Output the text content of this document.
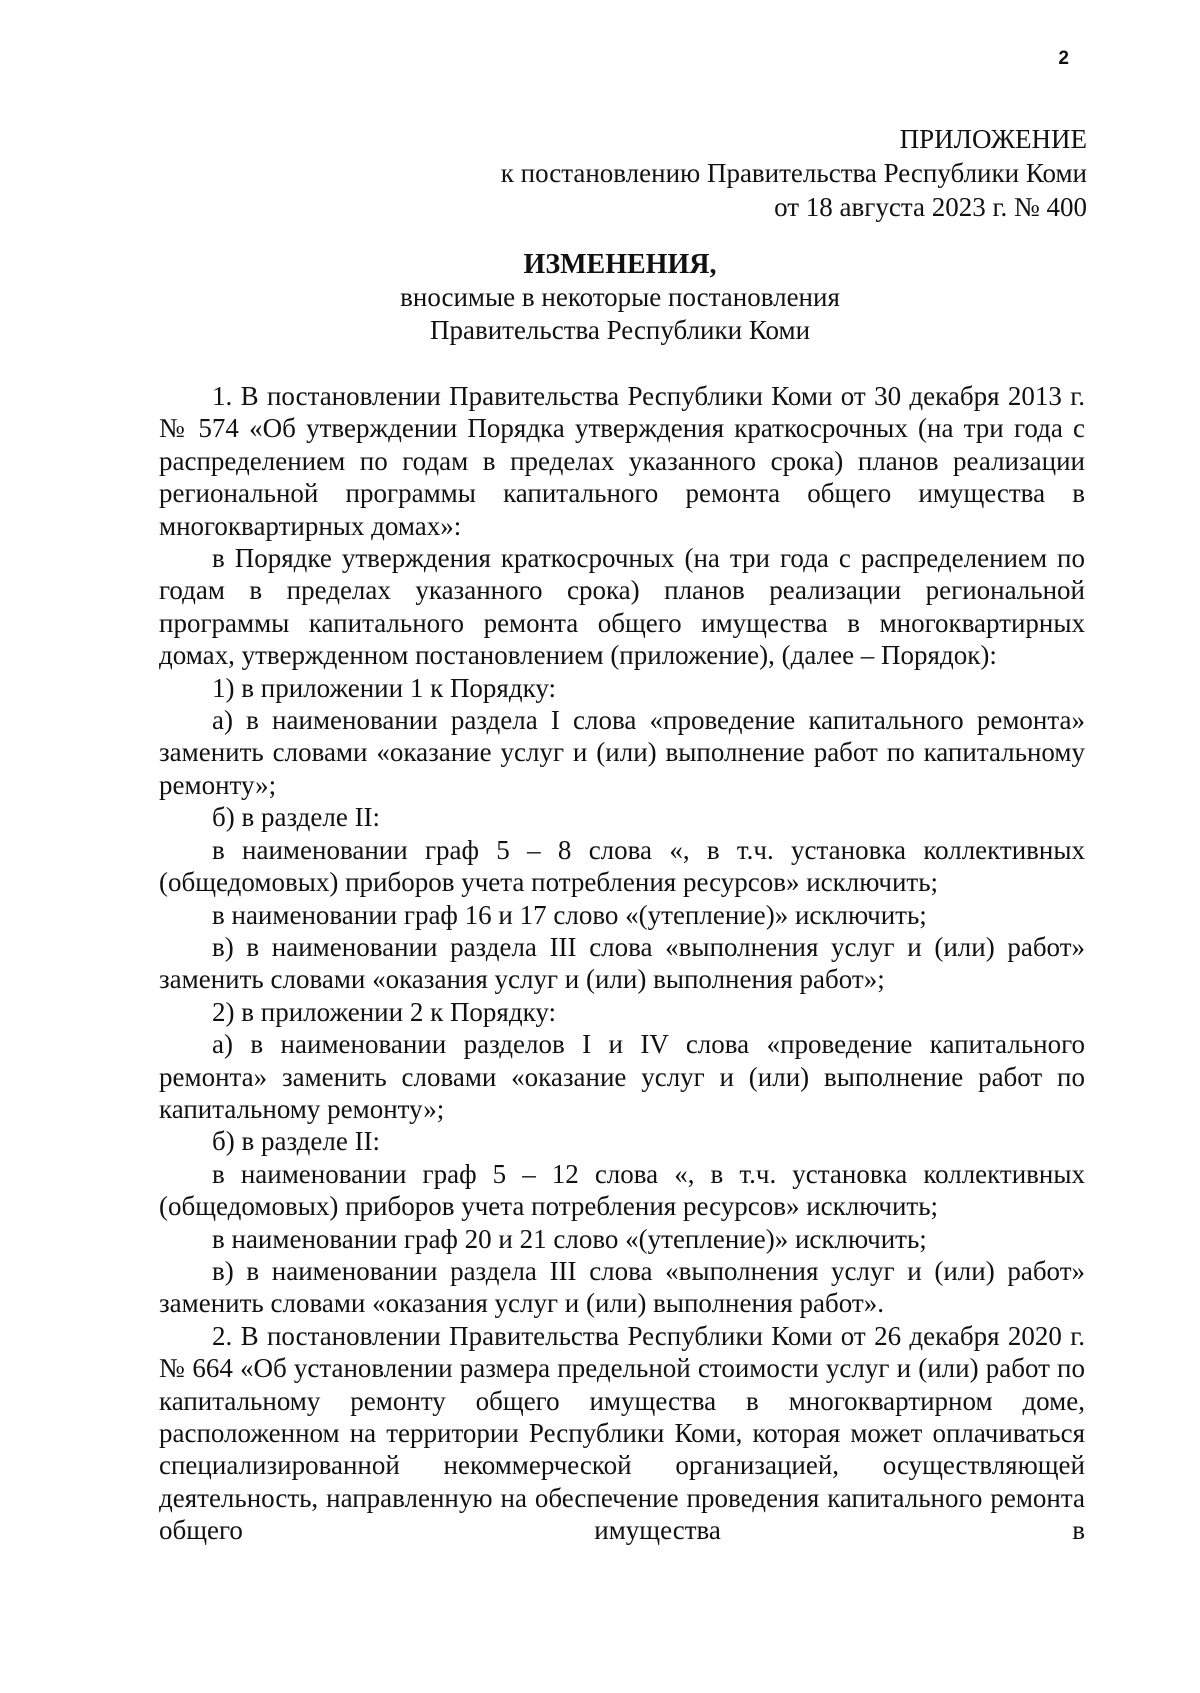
2
ПРИЛОЖЕНИЕ
к постановлению Правительства Республики Коми
от 18 августа 2023 г. № 400
ИЗМЕНЕНИЯ,
вносимые в некоторые постановления
Правительства Республики Коми

1. В постановлении Правительства Республики Коми от 30 декабря 2013 г. № 574 «Об утверждении Порядка утверждения краткосрочных (на три года с распределением по годам в пределах указанного срока) планов реализации региональной программы капитального ремонта общего имущества в многоквартирных домах»:

в Порядке утверждения краткосрочных (на три года с распределением по годам в пределах указанного срока) планов реализации региональной программы капитального ремонта общего имущества в многоквартирных домах, утвержденном постановлением (приложение), (далее – Порядок):

1) в приложении 1 к Порядку:

а) в наименовании раздела I слова «проведение капитального ремонта» заменить словами «оказание услуг и (или) выполнение работ по капитальному ремонту»;

б) в разделе II:

в наименовании граф 5 – 8 слова «, в т.ч. установка коллективных (общедомовых) приборов учета потребления ресурсов» исключить;

в наименовании граф 16 и 17 слово «(утепление)» исключить;

в) в наименовании раздела III слова «выполнения услуг и (или) работ» заменить словами «оказания услуг и (или) выполнения работ»;

2) в приложении 2 к Порядку:

а) в наименовании разделов I и IV слова «проведение капитального ремонта» заменить словами «оказание услуг и (или) выполнение работ по капитальному ремонту»;

б) в разделе II:

в наименовании граф 5 – 12 слова «, в т.ч. установка коллективных (общедомовых) приборов учета потребления ресурсов» исключить;

в наименовании граф 20 и 21 слово «(утепление)» исключить;

в) в наименовании раздела III слова «выполнения услуг и (или) работ» заменить словами «оказания услуг и (или) выполнения работ».

2. В постановлении Правительства Республики Коми от 26 декабря 2020 г. № 664 «Об установлении размера предельной стоимости услуг и (или) работ по капитальному ремонту общего имущества в многоквартирном доме, расположенном на территории Республики Коми, которая может оплачиваться специализированной некоммерческой организацией, осуществляющей деятельность, направленную на обеспечение проведения капитального ремонта общего имущества в
